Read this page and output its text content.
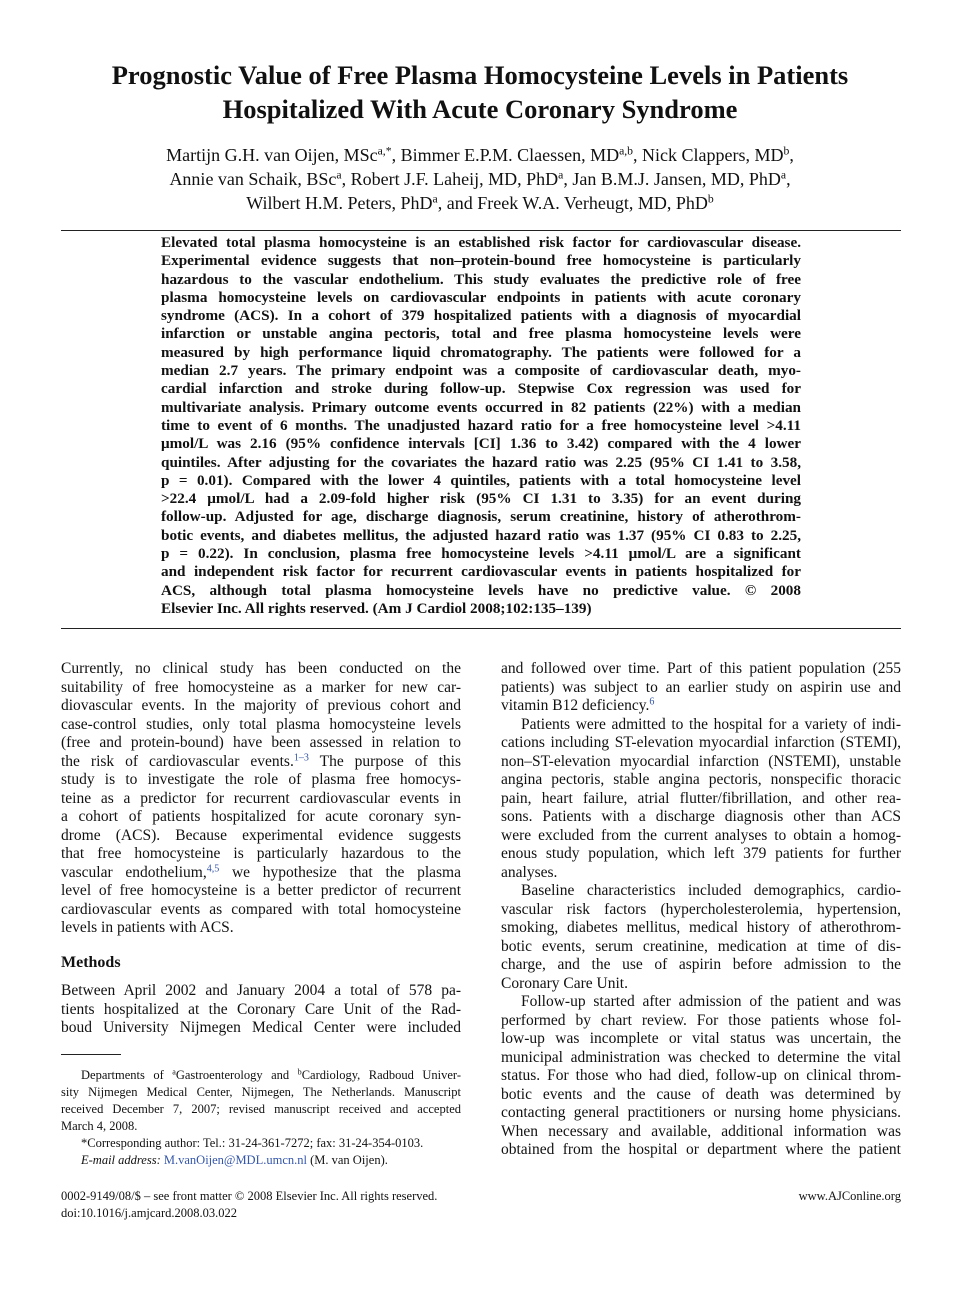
Prognostic Value of Free Plasma Homocysteine Levels in Patients
Hospitalized With Acute Coronary Syndrome
Martijn G.H. van Oijen, MSc$^{a,*}$, Bimmer E.P.M. Claessen, MD$^{a,b}$, Nick Clappers, $MD^b$,
Annie van Schaik, BSc$^a$, Robert J.F. Laheij, MD, PhD$^a$, Jan B.M.J. Jansen, MD, PhD$^a$,
Wilbert H.M. Peters, PhD$^a$, and Freek W.A. Verheugt, MD, PhD$^b$
Elevated total plasma homocysteine is an established risk factor for cardiovascular disease.
Experimental evidence suggests that non–protein-bound free homocysteine is particularly
hazardous to the vascular endothelium. This study evaluates the predictive role of free
plasma homocysteine levels on cardiovascular endpoints in patients with acute coronary
syndrome (ACS). In a cohort of 379 hospitalized patients with a diagnosis of myocardial
infarction or unstable angina pectoris, total and free plasma homocysteine levels were
measured by high performance liquid chromatography. The patients were followed for a
median 2.7 years. The primary endpoint was a composite of cardiovascular death, myo-
cardial infarction and stroke during follow-up. Stepwise Cox regression was used for
multivariate analysis. Primary outcome events occurred in 82 patients (22%) with a median
time to event of 6 months. The unadjusted hazard ratio for a free homocysteine level >4.11
μmol/L was 2.16 (95% confidence intervals [CI] 1.36 to 3.42) compared with the 4 lower
quintiles. After adjusting for the covariates the hazard ratio was 2.25 (95% CI 1.41 to 3.58,
p = 0.01). Compared with the lower 4 quintiles, patients with a total homocysteine level
>22.4 μmol/L had a 2.09-fold higher risk (95% CI 1.31 to 3.35) for an event during
follow-up. Adjusted for age, discharge diagnosis, serum creatinine, history of atherothrom-
botic events, and diabetes mellitus, the adjusted hazard ratio was 1.37 (95% CI 0.83 to 2.25,
p = 0.22). In conclusion, plasma free homocysteine levels >4.11 μmol/L are a significant
and independent risk factor for recurrent cardiovascular events in patients hospitalized for
ACS, although total plasma homocysteine levels have no predictive value. © 2008
Elsevier Inc. All rights reserved. (Am J Cardiol 2008;102:135–139)
Currently, no clinical study has been conducted on the
suitability of free homocysteine as a marker for new car-
diovascular events. In the majority of previous cohort and
case-control studies, only total plasma homocysteine levels
(free and protein-bound) have been assessed in relation to
the risk of cardiovascular events.$^{1-3}$ The purpose of this
study is to investigate the role of plasma free homocys-
teine as a predictor for recurrent cardiovascular events in
a cohort of patients hospitalized for acute coronary syn-
drome (ACS). Because experimental evidence suggests
that free homocysteine is particularly hazardous to the
vascular endothelium,$^{4,5}$ we hypothesize that the plasma
level of free homocysteine is a better predictor of recurrent
cardiovascular events as compared with total homocysteine
levels in patients with ACS.
Methods
Between April 2002 and January 2004 a total of 578 pa-
tients hospitalized at the Coronary Care Unit of the Rad-
boud University Nijmegen Medical Center were included
Departments of $^a$Gastroenterology and $^b$Cardiology, Radboud Univer-
sity Nijmegen Medical Center, Nijmegen, The Netherlands. Manuscript
received December 7, 2007; revised manuscript received and accepted
March 4, 2008.
*Corresponding author: Tel.: 31-24-361-7272; fax: 31-24-354-0103.
E-mail address: M.vanOijen@MDL.umcn.nl (M. van Oijen).
and followed over time. Part of this patient population (255
patients) was subject to an earlier study on aspirin use and
vitamin B12 deficiency.$^6$
Patients were admitted to the hospital for a variety of indi-
cations including ST-elevation myocardial infarction (STEMI),
non–ST-elevation myocardial infarction (NSTEMI), unstable
angina pectoris, stable angina pectoris, nonspecific thoracic
pain, heart failure, atrial flutter/fibrillation, and other rea-
sons. Patients with a discharge diagnosis other than ACS
were excluded from the current analyses to obtain a homog-
enous study population, which left 379 patients for further
analyses.
Baseline characteristics included demographics, cardio-
vascular risk factors (hypercholesterolemia, hypertension,
smoking, diabetes mellitus, medical history of atherothrom-
botic events, serum creatinine, medication at time of dis-
charge, and the use of aspirin before admission to the
Coronary Care Unit.
Follow-up started after admission of the patient and was
performed by chart review. For those patients whose fol-
low-up was incomplete or vital status was uncertain, the
municipal administration was checked to determine the vital
status. For those who had died, follow-up on clinical throm-
botic events and the cause of death was determined by
contacting general practitioners or nursing home physicians.
When necessary and available, additional information was
obtained from the hospital or department where the patient
0002-9149/08/$ – see front matter © 2008 Elsevier Inc. All rights reserved.
doi:10.1016/j.amjcard.2008.03.022
www.AJConline.org
